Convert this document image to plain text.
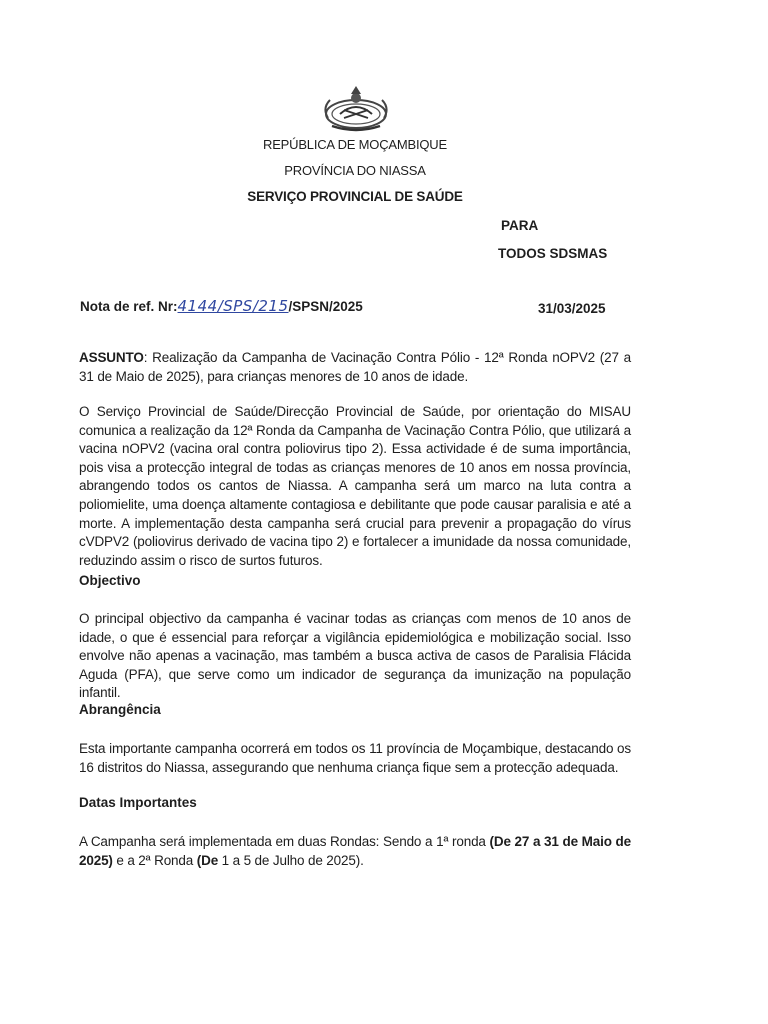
REPÚBLICA DE MOÇAMBIQUE
PROVÍNCIA DO NIASSA
SERVIÇO PROVINCIAL DE SAÚDE
PARA
TODOS SDSMAS
Nota de ref. Nr:4144/SPS/215/SPSN/2025	31/03/2025
ASSUNTO: Realização da Campanha de Vacinação Contra Pólio - 12ª Ronda nOPV2 (27 a 31 de Maio de 2025), para crianças menores de 10 anos de idade.
O Serviço Provincial de Saúde/Direcção Provincial de Saúde, por orientação do MISAU comunica a realização da 12ª Ronda da Campanha de Vacinação Contra Pólio, que utilizará a vacina nOPV2 (vacina oral contra poliovirus tipo 2). Essa actividade é de suma importância, pois visa a protecção integral de todas as crianças menores de 10 anos em nossa província, abrangendo todos os cantos de Niassa. A campanha será um marco na luta contra a poliomielite, uma doença altamente contagiosa e debilitante que pode causar paralisia e até a morte. A implementação desta campanha será crucial para prevenir a propagação do vírus cVDPV2 (poliovirus derivado de vacina tipo 2) e fortalecer a imunidade da nossa comunidade, reduzindo assim o risco de surtos futuros.
Objectivo
O principal objectivo da campanha é vacinar todas as crianças com menos de 10 anos de idade, o que é essencial para reforçar a vigilância epidemiológica e mobilização social. Isso envolve não apenas a vacinação, mas também a busca activa de casos de Paralisia Flácida Aguda (PFA), que serve como um indicador de segurança da imunização na população infantil.
Abrangência
Esta importante campanha ocorrerá em todos os 11 província de Moçambique, destacando os 16 distritos do Niassa, assegurando que nenhuma criança fique sem a protecção adequada.
Datas Importantes
A Campanha será implementada em duas Rondas: Sendo a 1ª ronda (De 27 a 31 de Maio de 2025) e a 2ª Ronda (De 1 a 5 de Julho de 2025).
